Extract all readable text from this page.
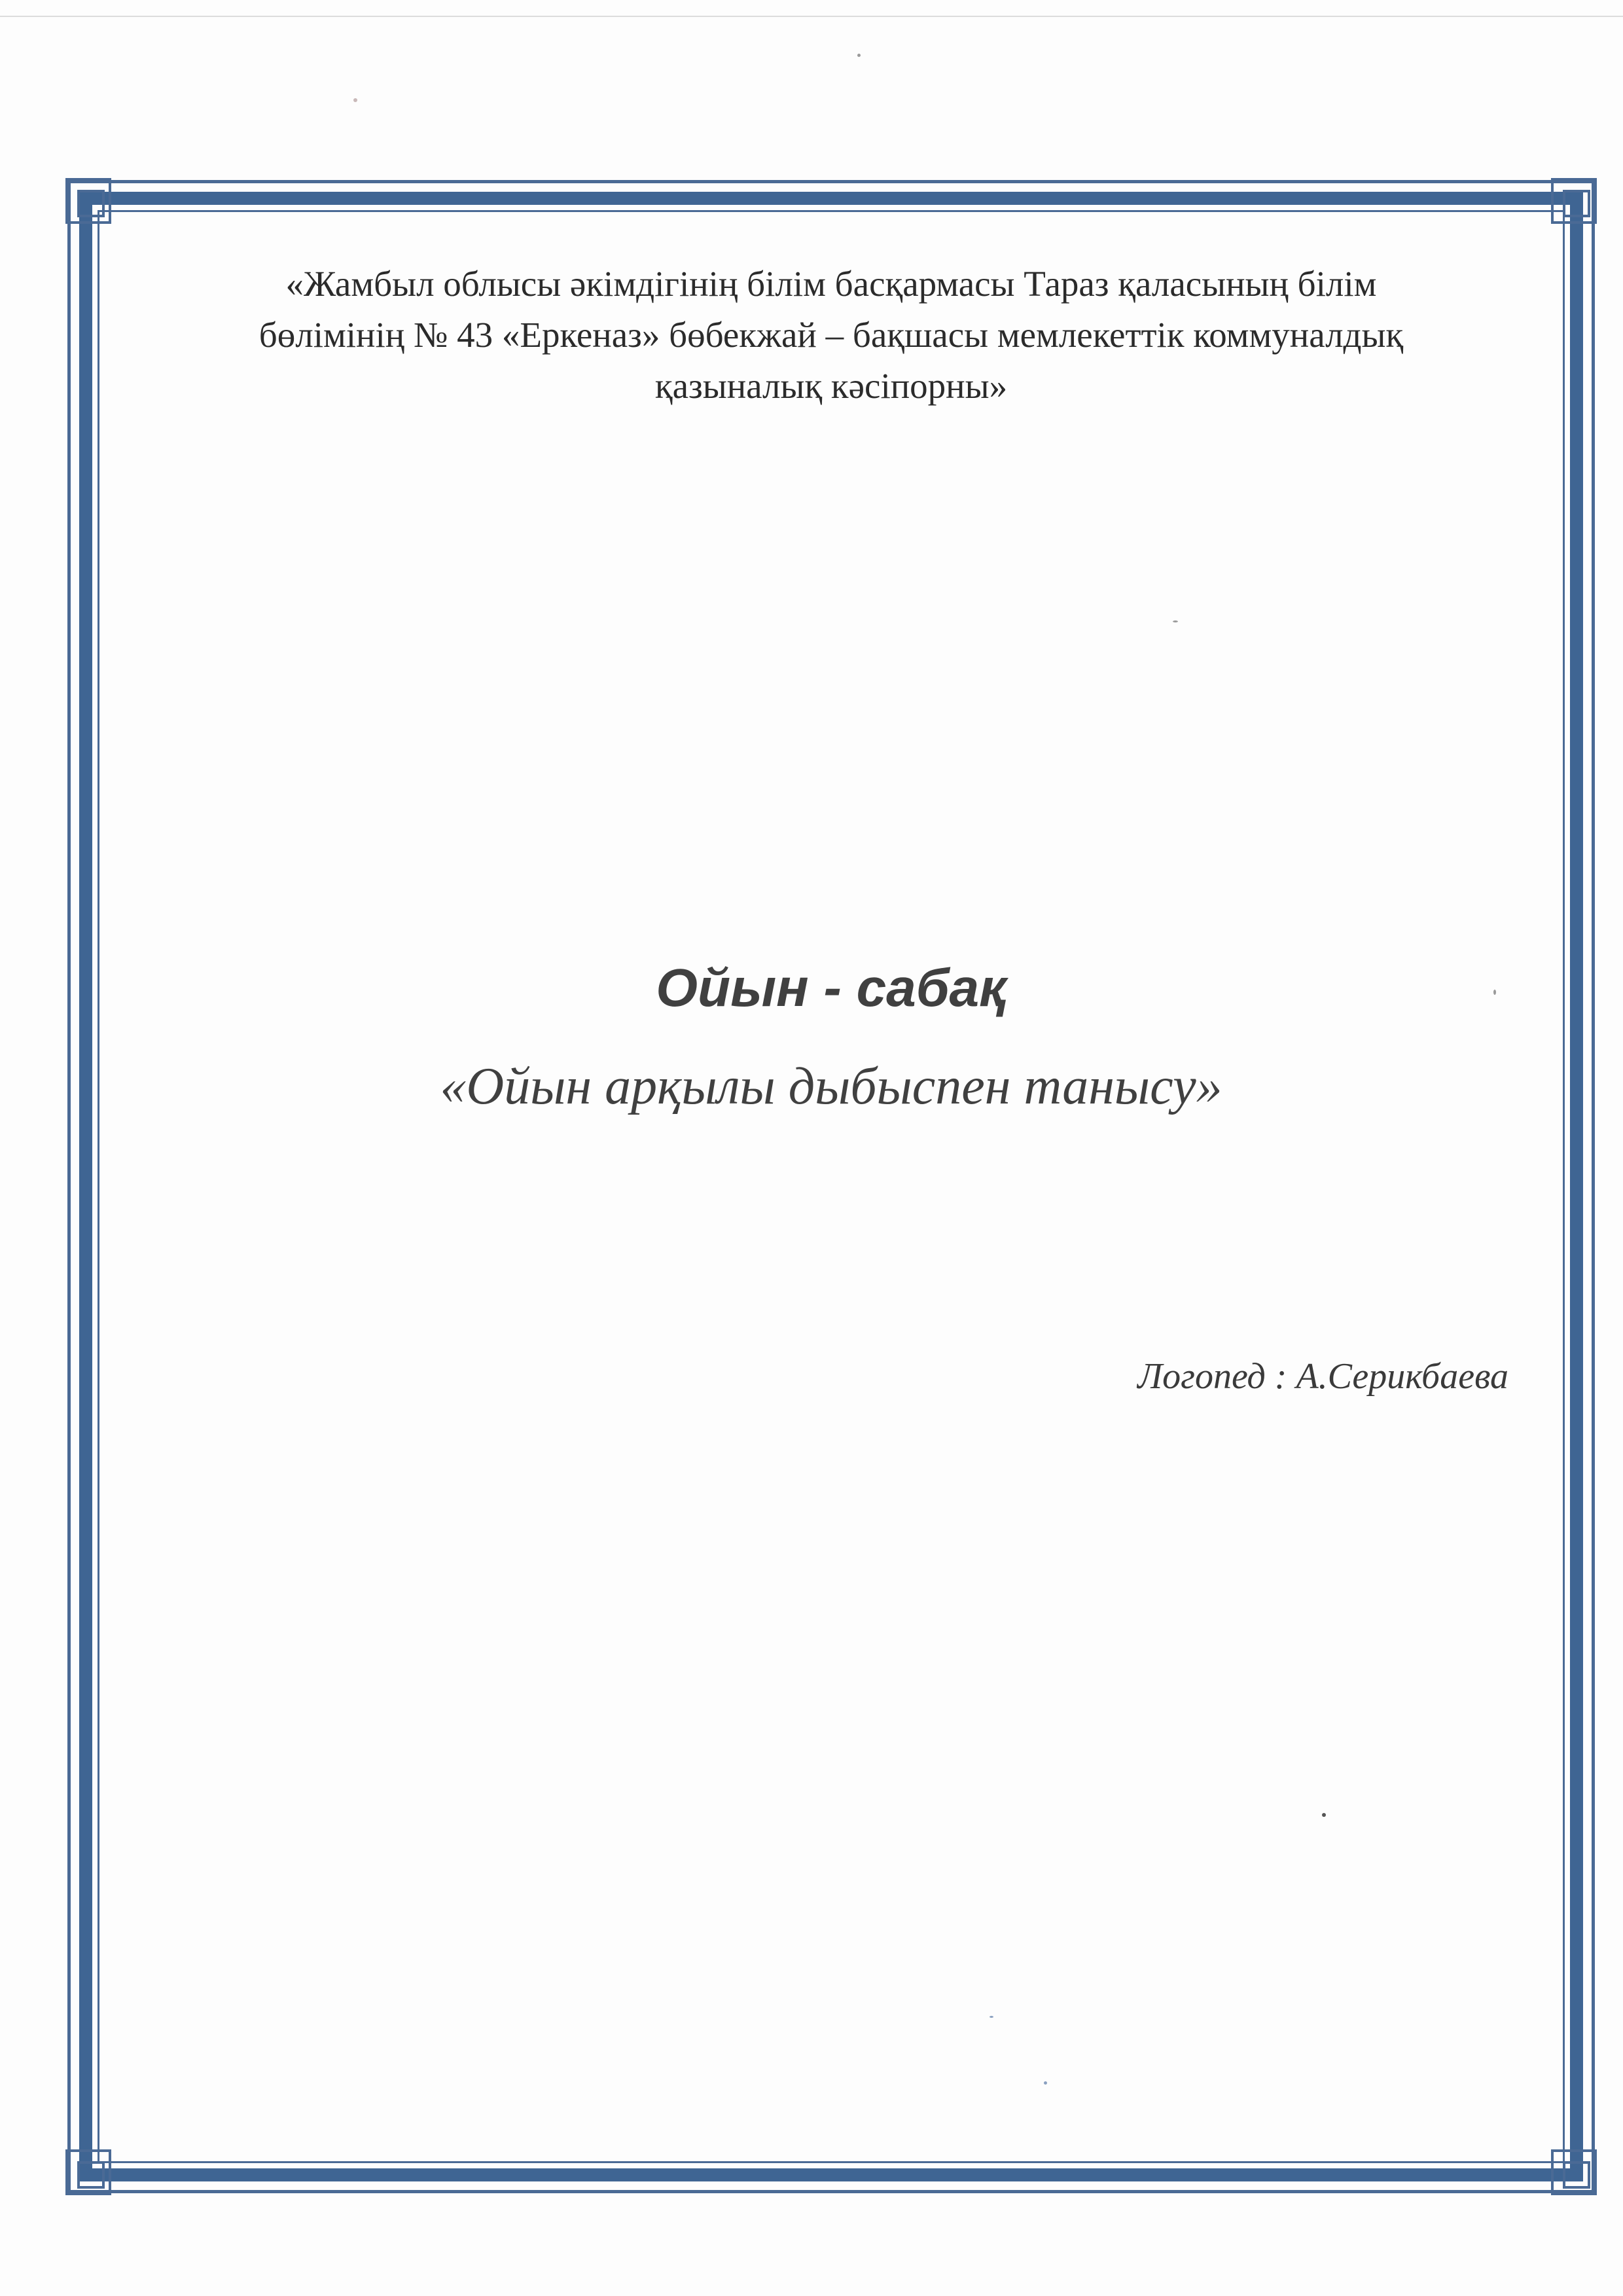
«Жамбыл облысы әкімдігінің білім басқармасы Тараз қаласының білім
бөлімінің № 43 «Еркеназ» бөбекжай – бақшасы мемлекеттік коммуналдық
қазыналық кәсіпорны»
Ойын - сабақ
«Ойын арқылы дыбыспен танысу»
Логопед : А.Серикбаева
